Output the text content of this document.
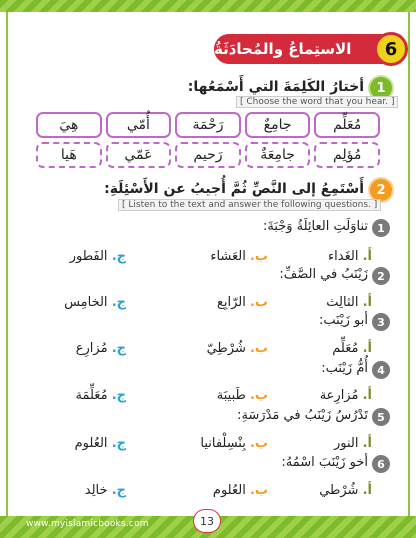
الاستِماعُ والمُحادَثَةُ	6
1
أختارُ الكَلِمَةَ التي أَسْمَعُها:
[ Choose the word that you hear. ]
مُعَلِّم
جامِعٌ
رَحْمَة
أُمّي
هِيَ
مُؤلِم
جامِعَةٌ
رَحيم
عَمّي
هَيا
2
أَسْتَمِعُ إلى النَّصِّ ثُمَّ أُجيبُ عن الأَسْئِلَةِ:
[ Listen to the text and answer the following questions. ]
1
تناوَلَتِ العائِلَةُ وَجْبَةَ:
أ. الغَداء
ب. العَشاء
ج. الفَطور
2
زَيْنَبُ في الصَّفِّ:
أ. الثالِث
ب. الرّابِع
ج. الخامِس
3
أبو زَيْنَب:
أ. مُعَلِّم
ب. شُرْطِيّ
ج. مُزارِع
4
أُمُّ زَيْنَب:
أ. مُزارِعة
ب. طَبيبَة
ج. مُعَلِّمَة
5
تَدْرُسُ زَيْنَبُ في مَدْرَسَةِ:
أ. النور
ب. بِنْسِلْفانيا
ج. العُلوم
6
أخو زَيْنَبَ اسْمُهُ:
أ. شُرْطي
ب. العُلوم
ج. خالِد
www.myislamicbooks.com	13
